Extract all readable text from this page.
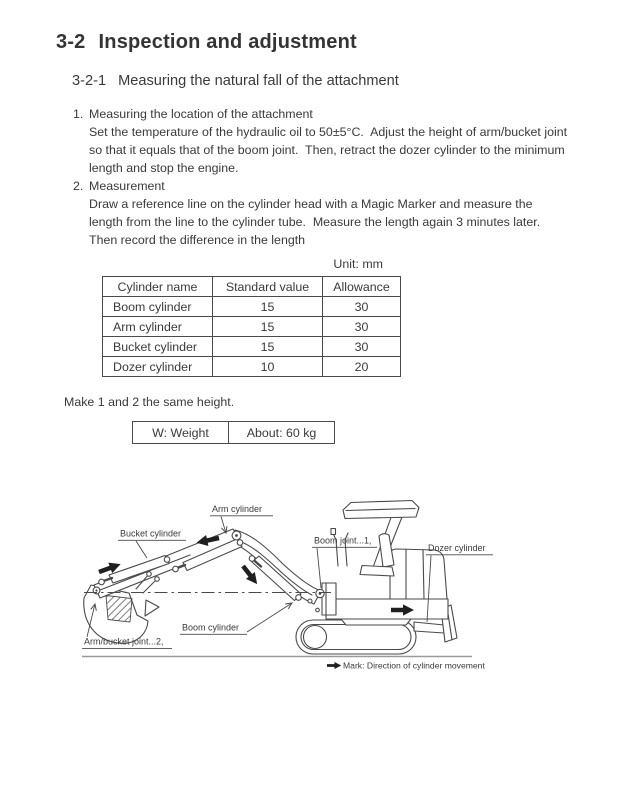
3-2 Inspection and adjustment
3-2-1 Measuring the natural fall of the attachment
1. Measuring the location of the attachment
Set the temperature of the hydraulic oil to 50±5°C.  Adjust the height of arm/bucket joint
so that it equals that of the boom joint.  Then, retract the dozer cylinder to the minimum
length and stop the engine.
2. Measurement
Draw a reference line on the cylinder head with a Magic Marker and measure the
length from the line to the cylinder tube.  Measure the length again 3 minutes later.
Then record the difference in the length
Unit: mm
Cylinder name	Standard value	Allowance
Boom cylinder	15	30
Arm cylinder	15	30
Bucket cylinder	15	30
Dozer cylinder	10	20
Make 1 and 2 the same height.
W: Weight	About: 60 kg
Arm cylinder
Bucket cylinder
Boom joint...1,
Dozer cylinder
Boom cylinder
Arm/bucket joint...2,
Mark: Direction of cylinder movement
